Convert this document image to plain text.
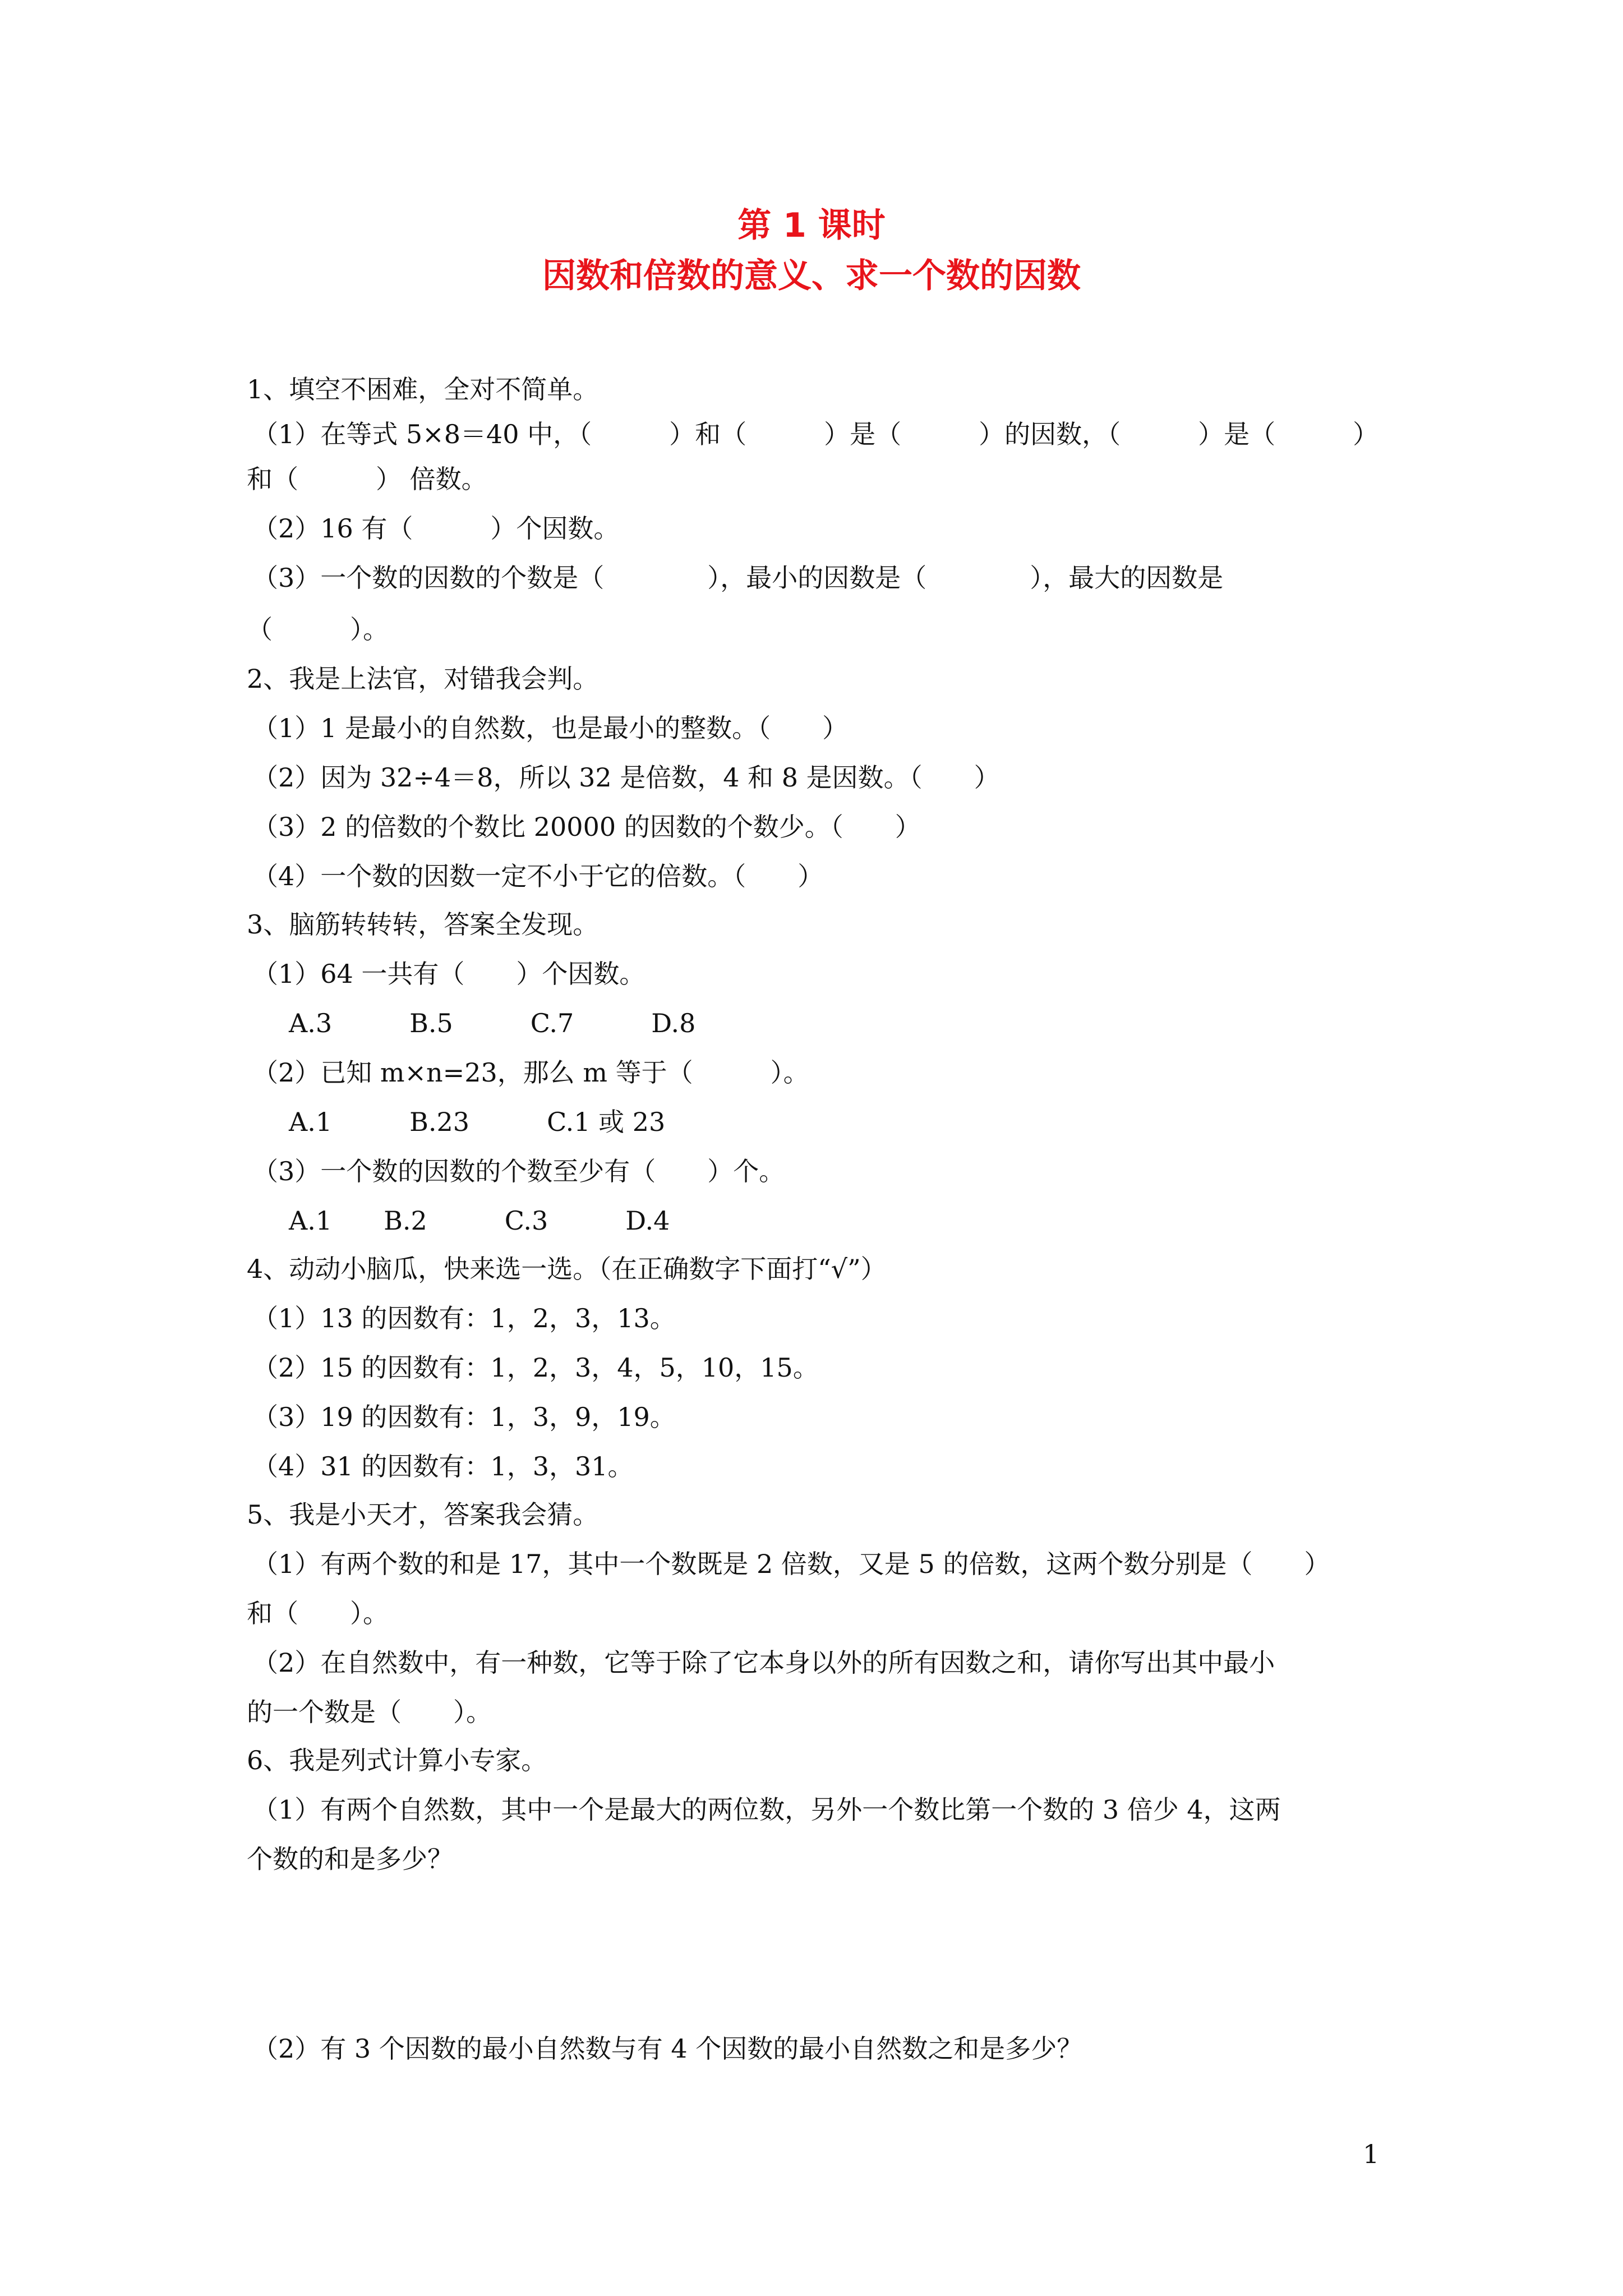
第 1 课时
因数和倍数的意义、求一个数的因数
1、填空不困难，全对不简单。
（1）在等式 5×8＝40 中，（　　　）和（　　　）是（　　　）的因数，（　　　）是（　　　）
和（　　　） 倍数。
（2）16 有（　　　）个因数。
（3）一个数的因数的个数是（　　　　），最小的因数是（　　　　），最大的因数是
（　　　）。
2、我是上法官，对错我会判。
（1）1 是最小的自然数，也是最小的整数。（　　）
（2）因为 32÷4＝8，所以 32 是倍数，4 和 8 是因数。（　　）
（3）2 的倍数的个数比 20000 的因数的个数少。（　　）
（4）一个数的因数一定不小于它的倍数。（　　）
3、脑筋转转转，答案全发现。
（1）64 一共有（　　）个因数。
A.3　　　B.5　　　C.7　　　D.8
（2）已知 m×n=23，那么 m 等于（　　　）。
A.1　　　B.23　　　C.1 或 23
（3）一个数的因数的个数至少有（　　）个。
A.1　　B.2　　　C.3　　　D.4
4、动动小脑瓜，快来选一选。（在正确数字下面打“√”）
（1）13 的因数有：1，2，3，13。
（2）15 的因数有：1，2，3，4，5，10，15。
（3）19 的因数有：1，3，9，19。
（4）31 的因数有：1，3，31。
5、我是小天才，答案我会猜。
（1）有两个数的和是 17，其中一个数既是 2 倍数，又是 5 的倍数，这两个数分别是（　　）
和（　　）。
（2）在自然数中，有一种数，它等于除了它本身以外的所有因数之和，请你写出其中最小
的一个数是（　　）。
6、我是列式计算小专家。
（1）有两个自然数，其中一个是最大的两位数，另外一个数比第一个数的 3 倍少 4，这两
个数的和是多少？
（2）有 3 个因数的最小自然数与有 4 个因数的最小自然数之和是多少？
1
